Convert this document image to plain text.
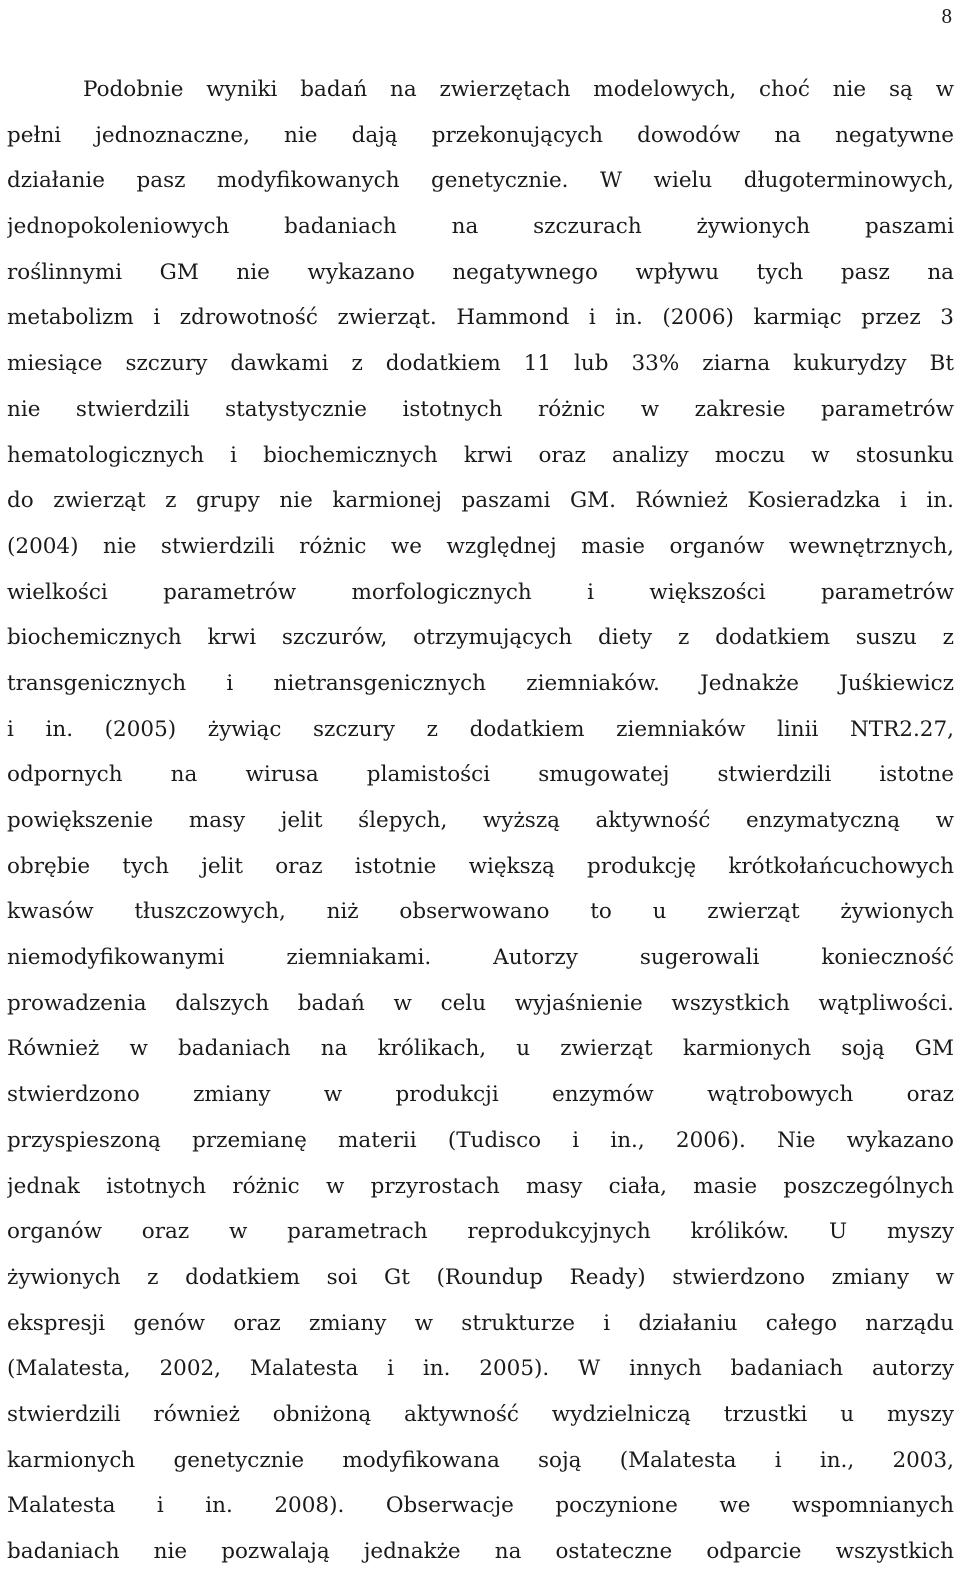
8
Podobnie wyniki badań na zwierzętach modelowych, choć nie są w
pełni jednoznaczne, nie dają przekonujących dowodów na negatywne
działanie pasz modyfikowanych genetycznie. W wielu długoterminowych,
jednopokoleniowych badaniach na szczurach żywionych paszami
roślinnymi GM nie wykazano negatywnego wpływu tych pasz na
metabolizm i zdrowotność zwierząt. Hammond i in. (2006) karmiąc przez 3
miesiące szczury dawkami z dodatkiem 11 lub 33% ziarna kukurydzy Bt
nie stwierdzili statystycznie istotnych różnic w zakresie parametrów
hematologicznych i biochemicznych krwi oraz analizy moczu w stosunku
do zwierząt z grupy nie karmionej paszami GM. Również Kosieradzka i in.
(2004) nie stwierdzili różnic we względnej masie organów wewnętrznych,
wielkości parametrów morfologicznych i większości parametrów
biochemicznych krwi szczurów, otrzymujących diety z dodatkiem suszu z
transgenicznych i nietransgenicznych ziemniaków. Jednakże Juśkiewicz
i in. (2005) żywiąc szczury z dodatkiem ziemniaków linii NTR2.27,
odpornych na wirusa plamistości smugowatej stwierdzili istotne
powiększenie masy jelit ślepych, wyższą aktywność enzymatyczną w
obrębie tych jelit oraz istotnie większą produkcję krótkołańcuchowych
kwasów tłuszczowych, niż obserwowano to u zwierząt żywionych
niemodyfikowanymi ziemniakami. Autorzy sugerowali konieczność
prowadzenia dalszych badań w celu wyjaśnienie wszystkich wątpliwości.
Również w badaniach na królikach, u zwierząt karmionych soją GM
stwierdzono zmiany w produkcji enzymów wątrobowych oraz
przyspieszoną przemianę materii (Tudisco i in., 2006). Nie wykazano
jednak istotnych różnic w przyrostach masy ciała, masie poszczególnych
organów oraz w parametrach reprodukcyjnych królików. U myszy
żywionych z dodatkiem soi Gt (Roundup Ready) stwierdzono zmiany w
ekspresji genów oraz zmiany w strukturze i działaniu całego narządu
(Malatesta, 2002, Malatesta i in. 2005). W innych badaniach autorzy
stwierdzili również obniżoną aktywność wydzielniczą trzustki u myszy
karmionych genetycznie modyfikowana soją (Malatesta i in., 2003,
Malatesta i in. 2008). Obserwacje poczynione we wspomnianych
badaniach nie pozwalają jednakże na ostateczne odparcie wszystkich
